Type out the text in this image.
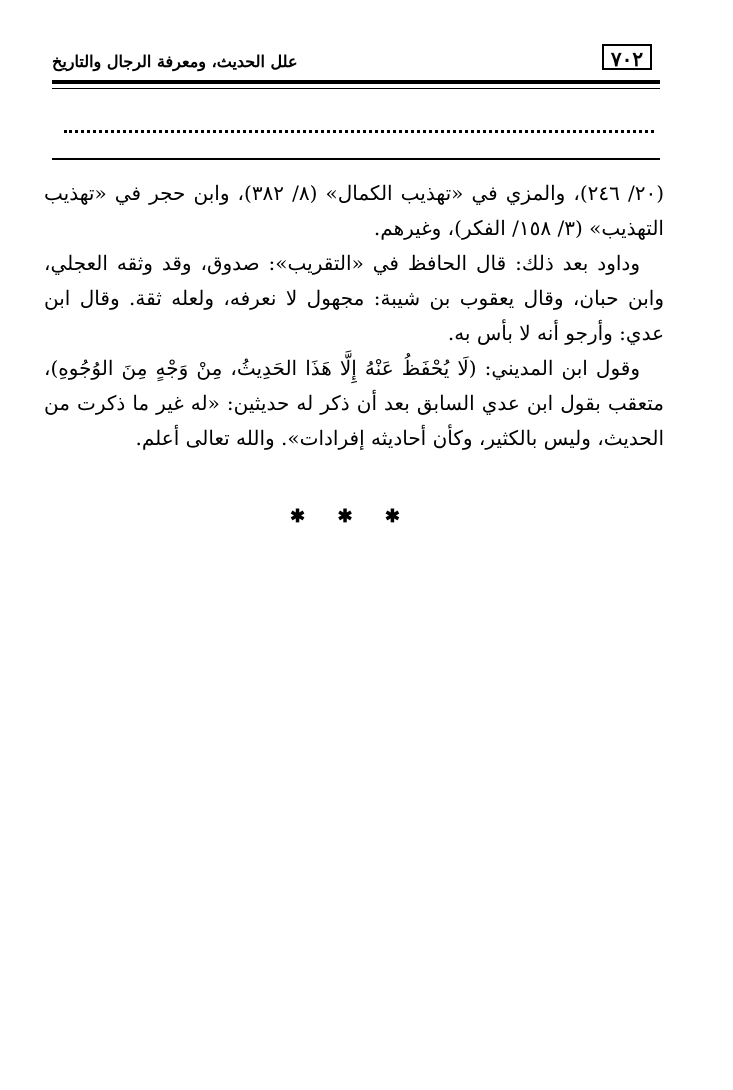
٧٠٢
علل الحديث، ومعرفة الرجال والتاريخ

(٢٠/ ٢٤٦)، والمزي في «تهذيب الكمال» (٨/ ٣٨٢)، وابن حجر في «تهذيب التهذيب» (٣/ ١٥٨/ الفكر)، وغيرهم.

وداود بعد ذلك: قال الحافظ في «التقريب»: صدوق، وقد وثقه العجلي، وابن حبان، وقال يعقوب بن شيبة: مجهول لا نعرفه، ولعله ثقة. وقال ابن عدي: وأرجو أنه لا بأس به.

وقول ابن المديني: (لَا يُحْفَظُ عَنْهُ إِلَّا هَذَا الحَدِيثُ، مِنْ وَجْهٍ مِنَ الوُجُوهِ)، متعقب بقول ابن عدي السابق بعد أن ذكر له حديثين: «له غير ما ذكرت من الحديث، وليس بالكثير، وكأن أحاديثه إفرادات». والله تعالى أعلم.

✱ ✱ ✱
